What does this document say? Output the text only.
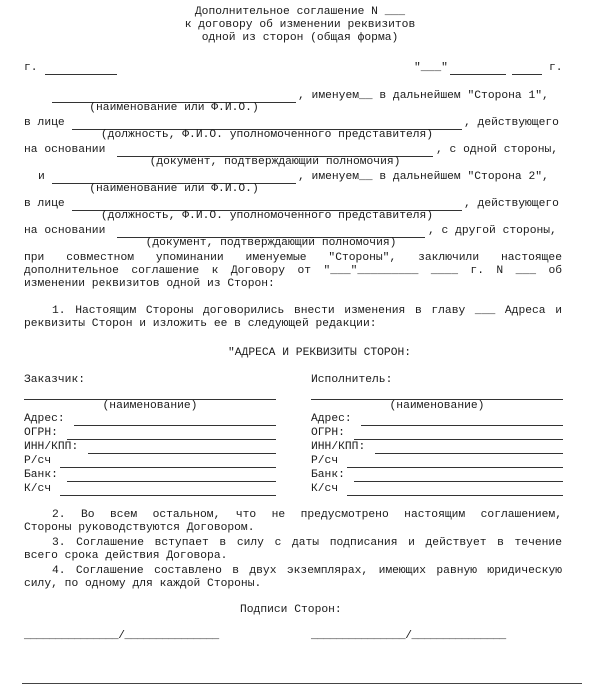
Дополнительное соглашение N ___
к договору об изменении реквизитов
одной из сторон (общая форма)
г.	"___"	г.
, именуем__ в дальнейшем "Сторона 1",
(наименование или Ф.И.О.)
в лице	, действующего
(должность, Ф.И.О. уполномоченного представителя)
на основании	, с одной стороны,
(документ, подтверждающий полномочия)
и	, именуем__ в дальнейшем "Сторона 2",
(наименование или Ф.И.О.)
в лице	, действующего
(должность, Ф.И.О. уполномоченного представителя)
на основании	, с другой стороны,
(документ, подтверждающий полномочия)
при совместном упоминании именуемые "Стороны", заключили настоящее
дополнительное соглашение к Договору от "___"_________ ____ г. N ___ об
изменении реквизитов одной из Сторон:
1. Настоящим Стороны договорились внести изменения в главу ___ Адреса и
реквизиты Сторон и изложить ее в следующей редакции:
"АДРЕСА И РЕКВИЗИТЫ СТОРОН:
Заказчик:
(наименование)
Адрес:
ОГРН:
ИНН/КПП:
Р/сч
Банк:
К/сч
Исполнитель:
(наименование)
Адрес:
ОГРН:
ИНН/КПП:
Р/сч
Банк:
К/сч
2. Во всем остальном, что не предусмотрено настоящим соглашением,
Стороны руководствуются Договором.
3. Соглашение вступает в силу с даты подписания и действует в течение
всего срока действия Договора.
4. Соглашение составлено в двух экземплярах, имеющих равную юридическую
силу, по одному для каждой Стороны.
Подписи Сторон:
_______________/_______________	_______________/_______________
